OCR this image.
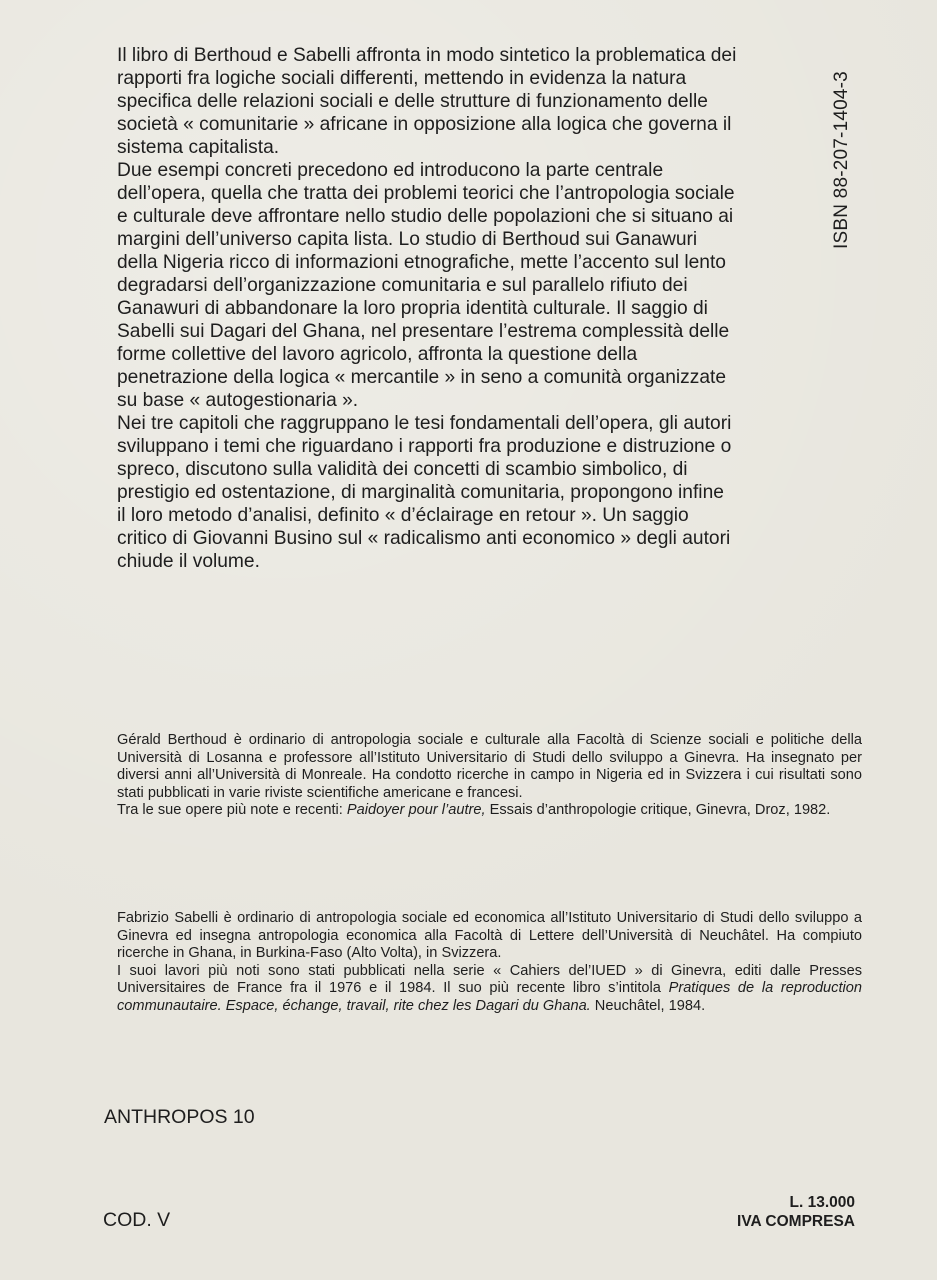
ISBN 88-207-1404-3

Il libro di Berthoud e Sabelli affronta in modo sintetico la problematica dei rapporti fra logiche sociali differenti, mettendo in evidenza la natura specifica delle relazioni sociali e delle strutture di funzionamento delle società « comunitarie » africane in opposizione alla logica che governa il sistema capitalista.

Due esempi concreti precedono ed introducono la parte centrale dell’opera, quella che tratta dei problemi teorici che l’antropologia sociale e culturale deve affrontare nello studio delle popolazioni che si situano ai margini dell’universo capita lista. Lo studio di Berthoud sui Ganawuri della Nigeria ricco di informazioni etnografiche, mette l’accento sul lento degradarsi dell’organizzazione comunitaria e sul parallelo rifiuto dei Ganawuri di abbandonare la loro propria identità culturale. Il saggio di Sabelli sui Dagari del Ghana, nel presentare l’estrema complessità delle forme collettive del lavoro agricolo, affronta la questione della penetrazione della logica « mercantile » in seno a comunità organizzate su base « autogestionaria ».

Nei tre capitoli che raggruppano le tesi fondamentali dell’opera, gli autori sviluppano i temi che riguardano i rapporti fra produzione e distruzione o spreco, discutono sulla validità dei concetti di scambio simbolico, di prestigio ed ostentazione, di marginalità comunitaria, propongono infine il loro metodo d’analisi, definito « d’éclairage en retour ». Un saggio critico di Giovanni Busino sul « radicalismo anti economico » degli autori chiude il volume.

Gérald Berthoud è ordinario di antropologia sociale e culturale alla Facoltà di Scienze sociali e politiche della Università di Losanna e professore all’Istituto Universitario di Studi dello sviluppo a Ginevra. Ha insegnato per diversi anni all’Università di Monreale. Ha condotto ricerche in campo in Nigeria ed in Svizzera i cui risultati sono stati pubblicati in varie riviste scientifiche americane e francesi.

Tra le sue opere più note e recenti: Paidoyer pour l’autre, Essais d’anthropologie critique, Ginevra, Droz, 1982.

Fabrizio Sabelli è ordinario di antropologia sociale ed economica all’Istituto Universitario di Studi dello sviluppo a Ginevra ed insegna antropologia economica alla Facoltà di Lettere dell’Università di Neuchâtel. Ha compiuto ricerche in Ghana, in Burkina-Faso (Alto Volta), in Svizzera.

I suoi lavori più noti sono stati pubblicati nella serie « Cahiers del’IUED » di Ginevra, editi dalle Presses Universitaires de France fra il 1976 e il 1984. Il suo più recente libro s’intitola Pratiques de la reproduction communautaire. Espace, échange, travail, rite chez les Dagari du Ghana. Neuchâtel, 1984.

ANTHROPOS 10
COD. V
L. 13.000
IVA COMPRESA
